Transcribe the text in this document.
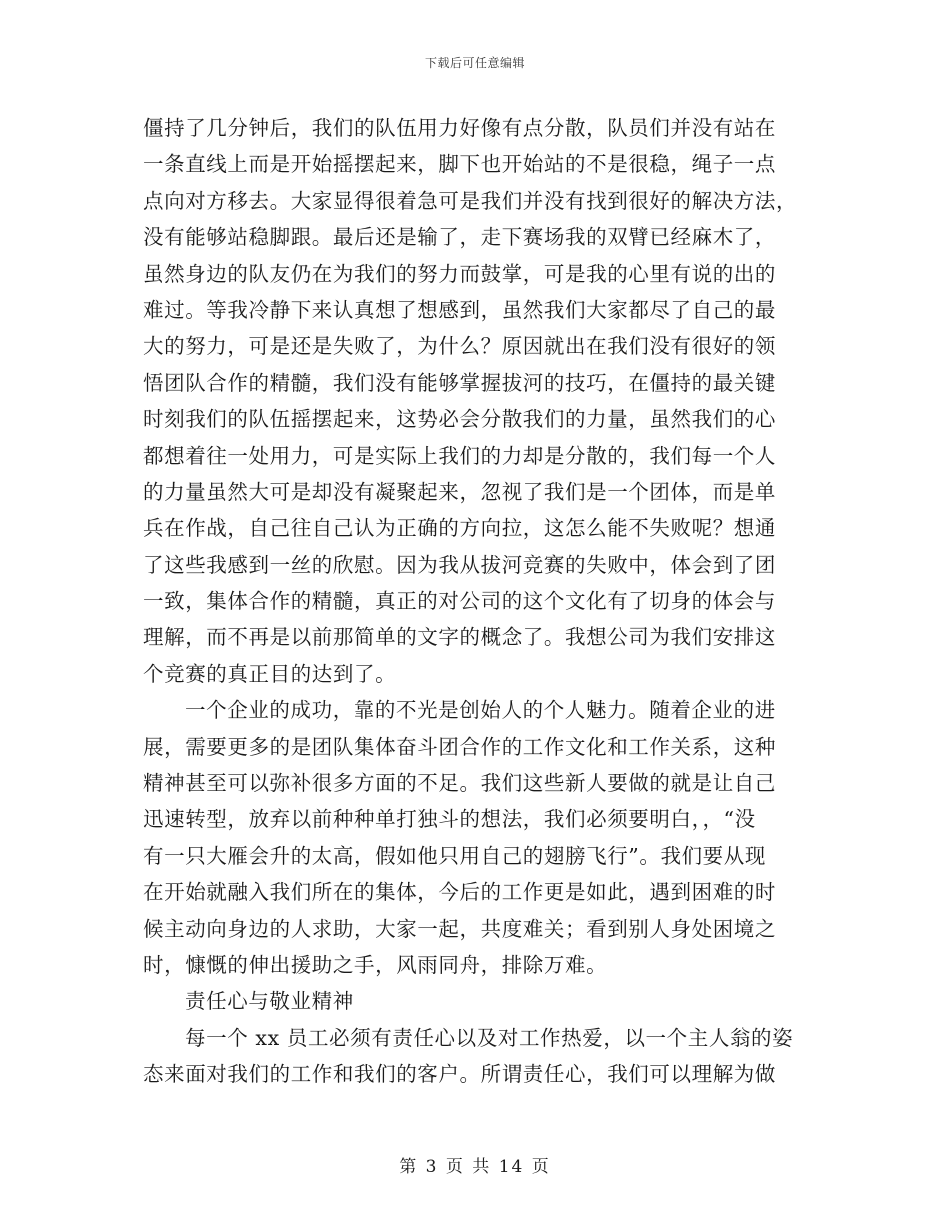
下载后可任意编辑
僵持了几分钟后，我们的队伍用力好像有点分散，队员们并没有站在
一条直线上而是开始摇摆起来，脚下也开始站的不是很稳，绳子一点
点向对方移去。大家显得很着急可是我们并没有找到很好的解决方法，
没有能够站稳脚跟。最后还是输了，走下赛场我的双臂已经麻木了，
虽然身边的队友仍在为我们的努力而鼓掌，可是我的心里有说的出的
难过。等我冷静下来认真想了想感到，虽然我们大家都尽了自己的最
大的努力，可是还是失败了，为什么？原因就出在我们没有很好的领
悟团队合作的精髓，我们没有能够掌握拔河的技巧，在僵持的最关键
时刻我们的队伍摇摆起来，这势必会分散我们的力量，虽然我们的心
都想着往一处用力，可是实际上我们的力却是分散的，我们每一个人
的力量虽然大可是却没有凝聚起来，忽视了我们是一个团体，而是单
兵在作战，自己往自己认为正确的方向拉，这怎么能不失败呢？想通
了这些我感到一丝的欣慰。因为我从拔河竞赛的失败中，体会到了团
一致，集体合作的精髓，真正的对公司的这个文化有了切身的体会与
理解，而不再是以前那简单的文字的概念了。我想公司为我们安排这
个竞赛的真正目的达到了。
一个企业的成功，靠的不光是创始人的个人魅力。随着企业的进
展，需要更多的是团队集体奋斗团合作的工作文化和工作关系，这种
精神甚至可以弥补很多方面的不足。我们这些新人要做的就是让自己
迅速转型，放弃以前种种单打独斗的想法，我们必须要明白，，“没
有一只大雁会升的太高，假如他只用自己的翅膀飞行”。我们要从现
在开始就融入我们所在的集体，今后的工作更是如此，遇到困难的时
候主动向身边的人求助，大家一起，共度难关；看到别人身处困境之
时，慷慨的伸出援助之手，风雨同舟，排除万难。
责任心与敬业精神
每一个 xx 员工必须有责任心以及对工作热爱，以一个主人翁的姿
态来面对我们的工作和我们的客户。所谓责任心，我们可以理解为做
第 3 页 共 14 页
